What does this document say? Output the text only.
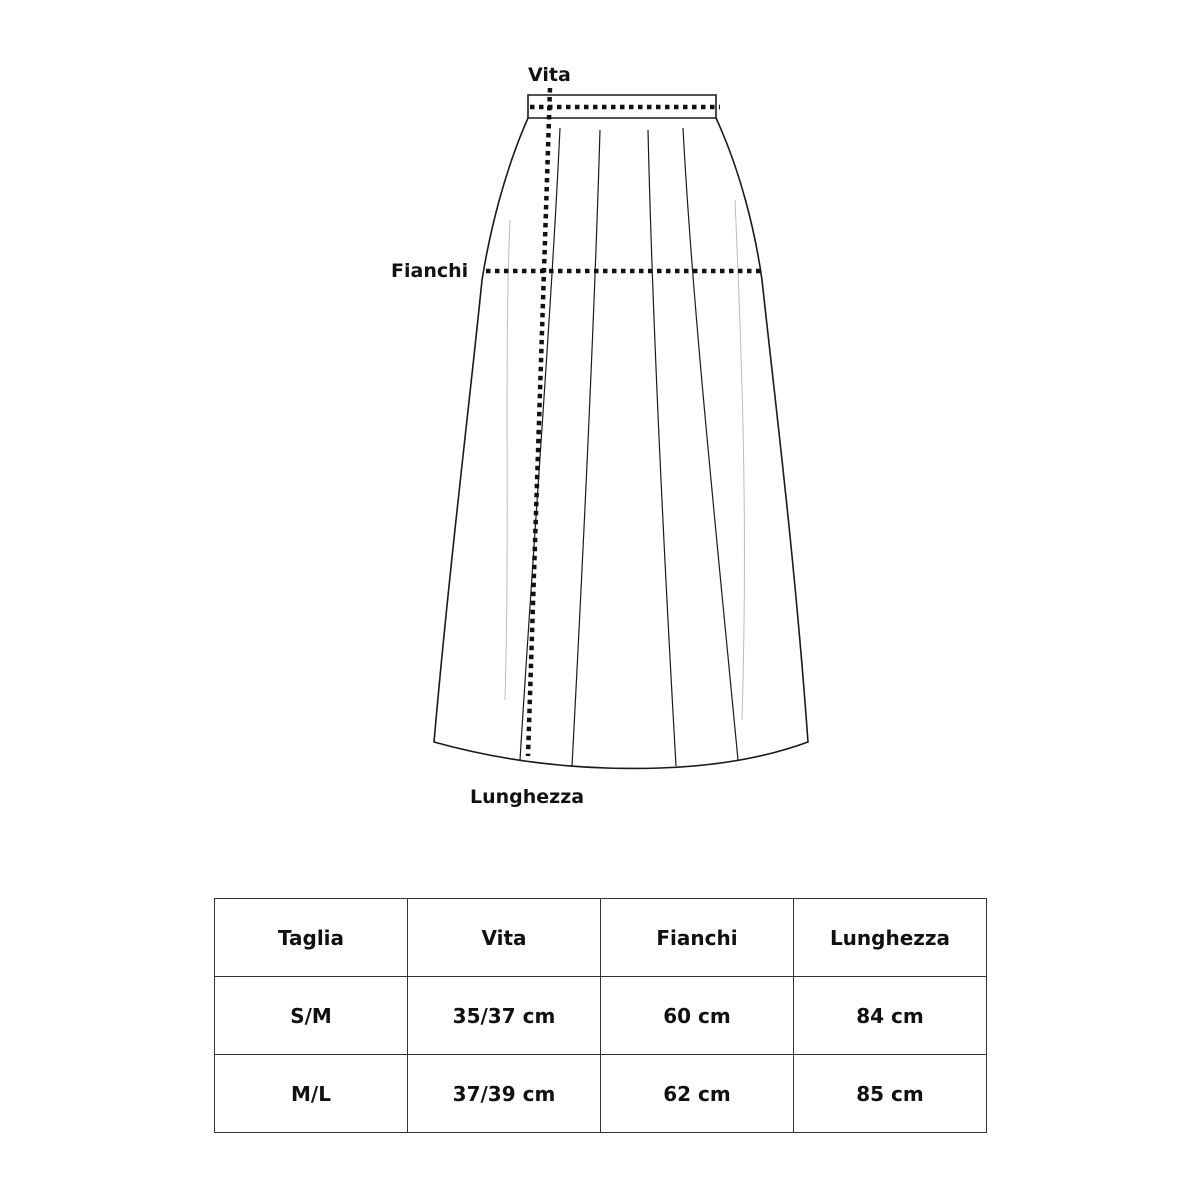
Vita
Fianchi
Lunghezza
Taglia	Vita	Fianchi	Lunghezza
S/M	35/37 cm	60 cm	84 cm
M/L	37/39 cm	62 cm	85 cm
